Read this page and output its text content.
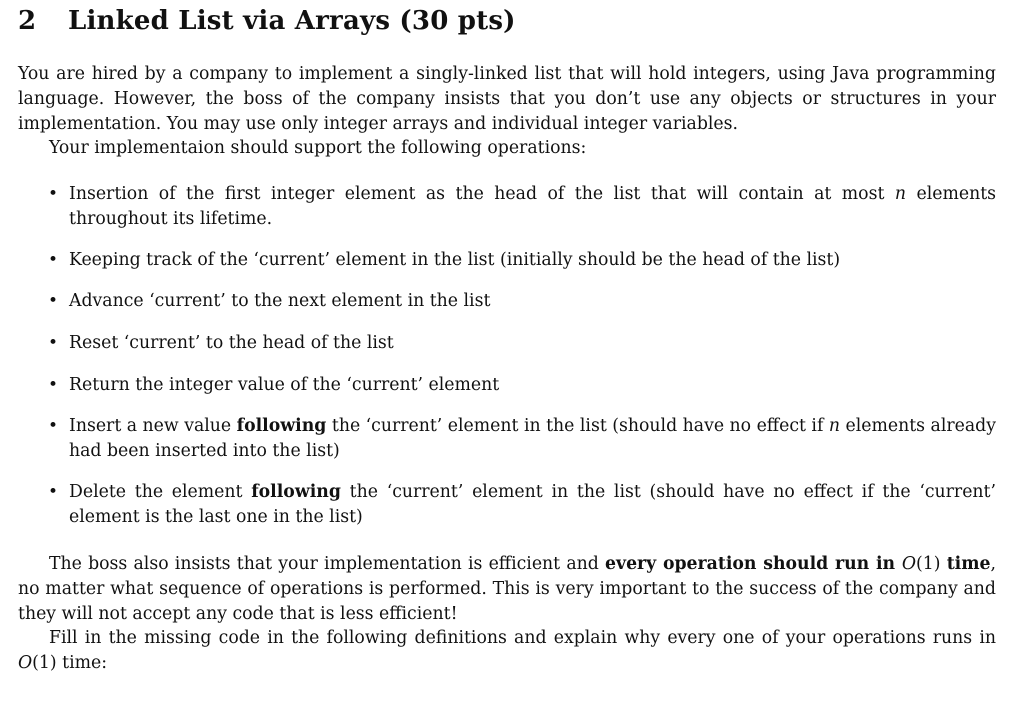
2 Linked List via Arrays (30 pts)

You are hired by a company to implement a singly-linked list that will hold integers, using Java programming language. However, the boss of the company insists that you don’t use any objects or structures in your implementation. You may use only integer arrays and individual integer variables.

Your implementaion should support the following operations:

• Insertion of the first integer element as the head of the list that will contain at most n elements throughout its lifetime.
• Keeping track of the ‘current’ element in the list (initially should be the head of the list)
• Advance ‘current’ to the next element in the list
• Reset ‘current’ to the head of the list
• Return the integer value of the ‘current’ element
• Insert a new value following the ‘current’ element in the list (should have no effect if n elements already had been inserted into the list)
• Delete the element following the ‘current’ element in the list (should have no effect if the ‘current’ element is the last one in the list)

The boss also insists that your implementation is efficient and every operation should run in O(1) time, no matter what sequence of operations is performed. This is very important to the success of the company and they will not accept any code that is less efficient!

Fill in the missing code in the following definitions and explain why every one of your operations runs in O(1) time:
